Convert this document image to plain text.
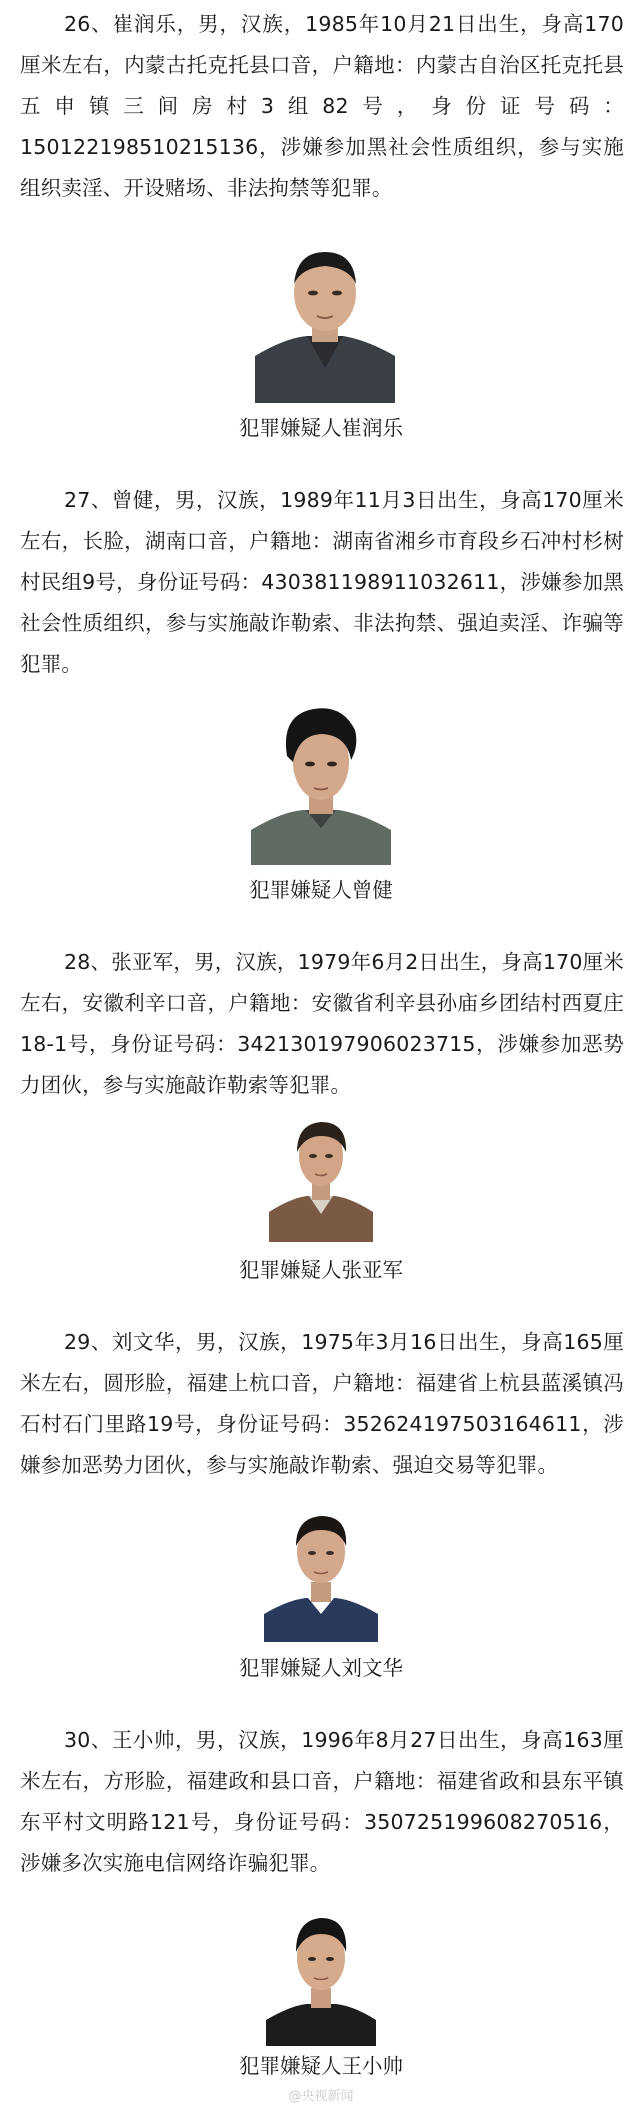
26、崔润乐，男，汉族，1985年10月21日出生，身高170厘米左右，内蒙古托克托县口音，户籍地：内蒙古自治区托克托县五申镇三间房村3组82号，身份证号码：150122198510215136，涉嫌参加黑社会性质组织，参与实施组织卖淫、开设赌场、非法拘禁等犯罪。

犯罪嫌疑人崔润乐

27、曾健，男，汉族，1989年11月3日出生，身高170厘米左右，长脸，湖南口音，户籍地：湖南省湘乡市育段乡石冲村杉树村民组9号，身份证号码：430381198911032611，涉嫌参加黑社会性质组织，参与实施敲诈勒索、非法拘禁、强迫卖淫、诈骗等犯罪。

犯罪嫌疑人曾健

28、张亚军，男，汉族，1979年6月2日出生，身高170厘米左右，安徽利辛口音，户籍地：安徽省利辛县孙庙乡团结村西夏庄18-1号，身份证号码：342130197906023715，涉嫌参加恶势力团伙，参与实施敲诈勒索等犯罪。

犯罪嫌疑人张亚军

29、刘文华，男，汉族，1975年3月16日出生，身高165厘米左右，圆形脸，福建上杭口音，户籍地：福建省上杭县蓝溪镇冯石村石门里路19号，身份证号码：352624197503164611，涉嫌参加恶势力团伙，参与实施敲诈勒索、强迫交易等犯罪。

犯罪嫌疑人刘文华

30、王小帅，男，汉族，1996年8月27日出生，身高163厘米左右，方形脸，福建政和县口音，户籍地：福建省政和县东平镇东平村文明路121号，身份证号码：350725199608270516，涉嫌多次实施电信网络诈骗犯罪。

犯罪嫌疑人王小帅
@央视新闻
